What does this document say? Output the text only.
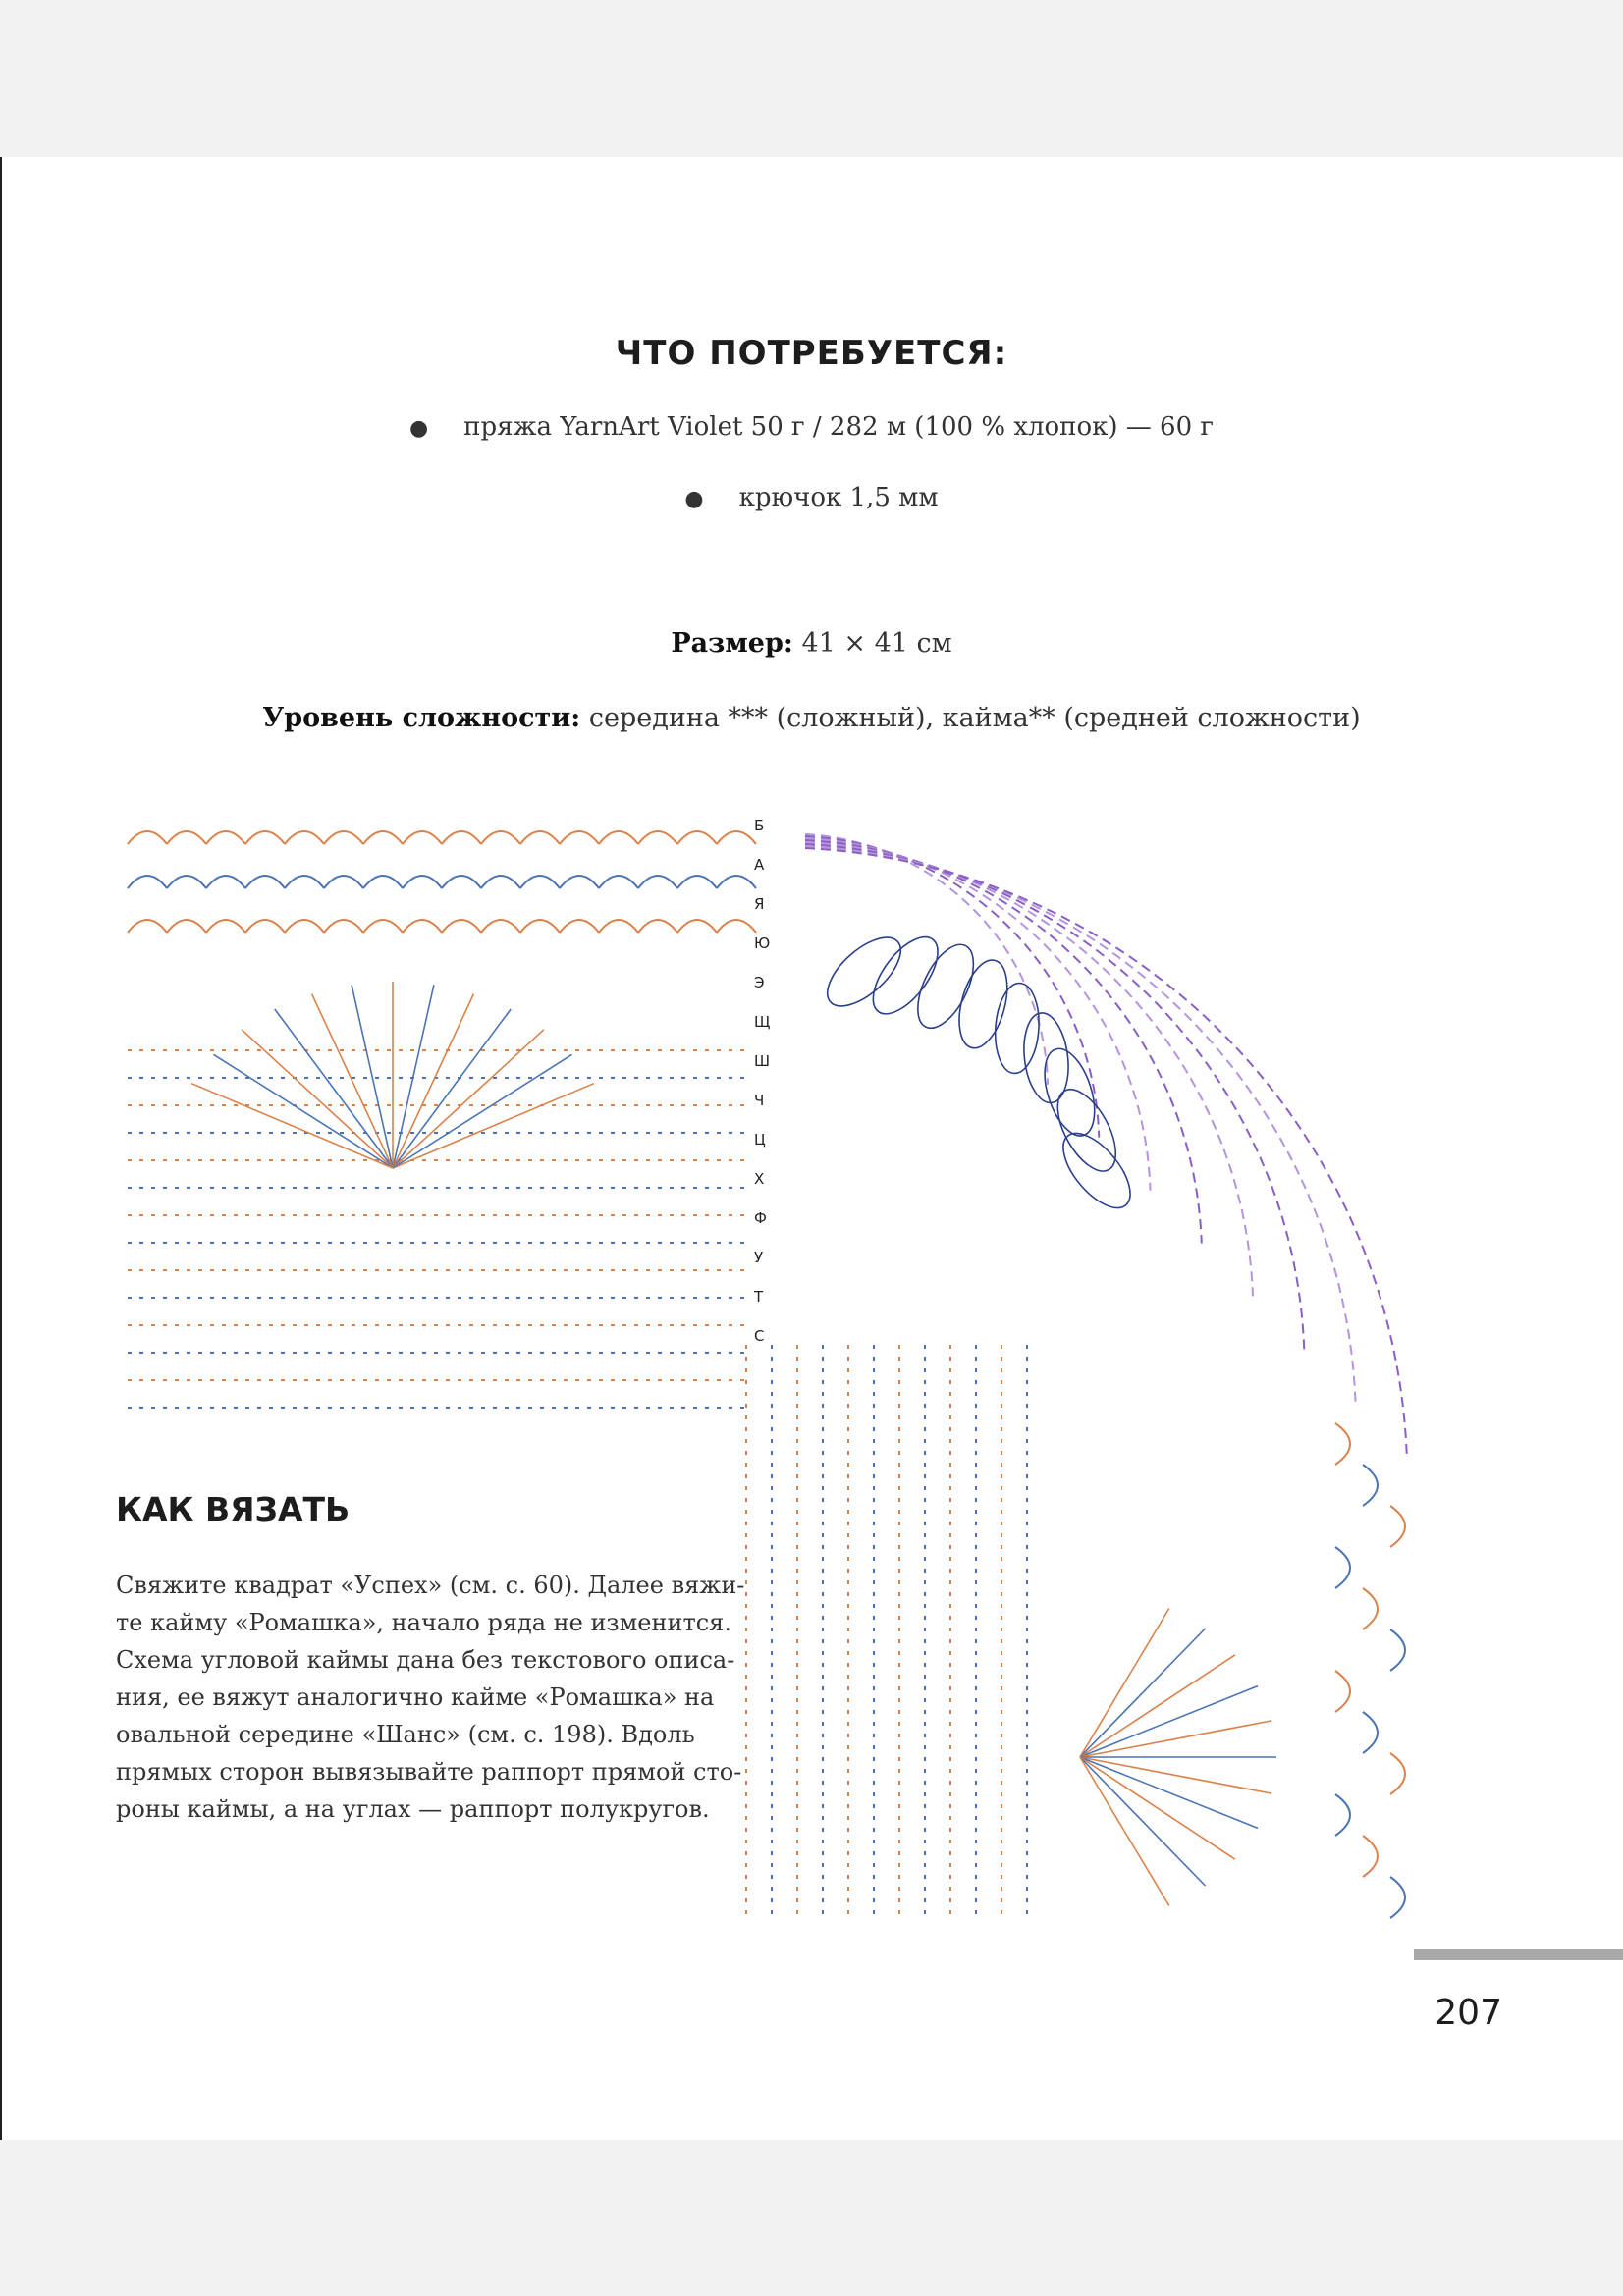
ЧТО ПОТРЕБУЕТСЯ:
● пряжа YarnArt Violet 50 г / 282 м (100 % хлопок) — 60 г
● крючок 1,5 мм
Размер: 41 × 41 см
Уровень сложности: середина *** (сложный), кайма** (средней сложности)
Б
А
Я
Ю
Э
Щ
Ш
Ч
Ц
Х
Ф
У
Т
С
КАК ВЯЗАТЬ
Свяжите квадрат «Успех» (см. с. 60). Далее вяжи-
те кайму «Ромашка», начало ряда не изменится.
Схема угловой каймы дана без текстового описа-
ния, ее вяжут аналогично кайме «Ромашка» на
овальной середине «Шанс» (см. с. 198). Вдоль
прямых сторон вывязывайте раппорт прямой сто-
роны каймы, а на углах — раппорт полукругов.
207
